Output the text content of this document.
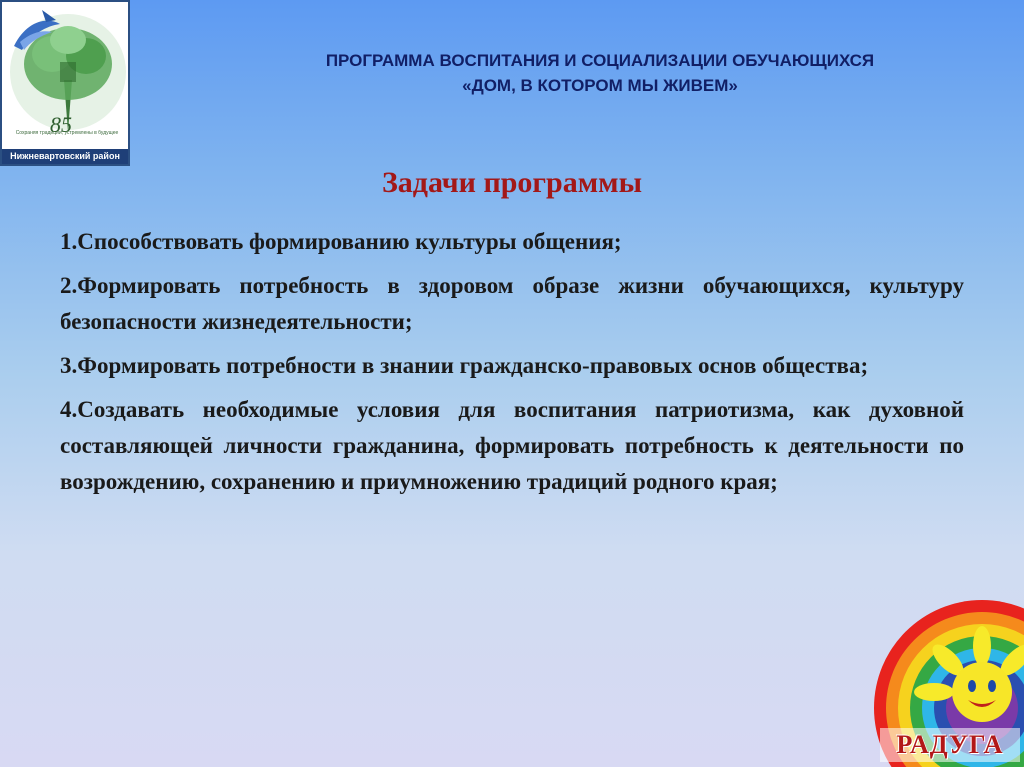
85
Сохраняя традиции, устремлены в будущее
Нижневартовский район
ПРОГРАММА ВОСПИТАНИЯ И СОЦИАЛИЗАЦИИ ОБУЧАЮЩИХСЯ
«ДОМ, В КОТОРОМ МЫ ЖИВЕМ»
Задачи программы
1.Способствовать формированию культуры общения;
2.Формировать потребность в здоровом образе жизни обучающихся, культуру безопасности жизнедеятельности;
3.Формировать потребности в знании гражданско-правовых основ общества;
4.Создавать необходимые условия для воспитания патриотизма, как духовной составляющей личности гражданина, формировать потребность к деятельности по возрождению, сохранению и приумножению традиций родного края;
РАДУГА
